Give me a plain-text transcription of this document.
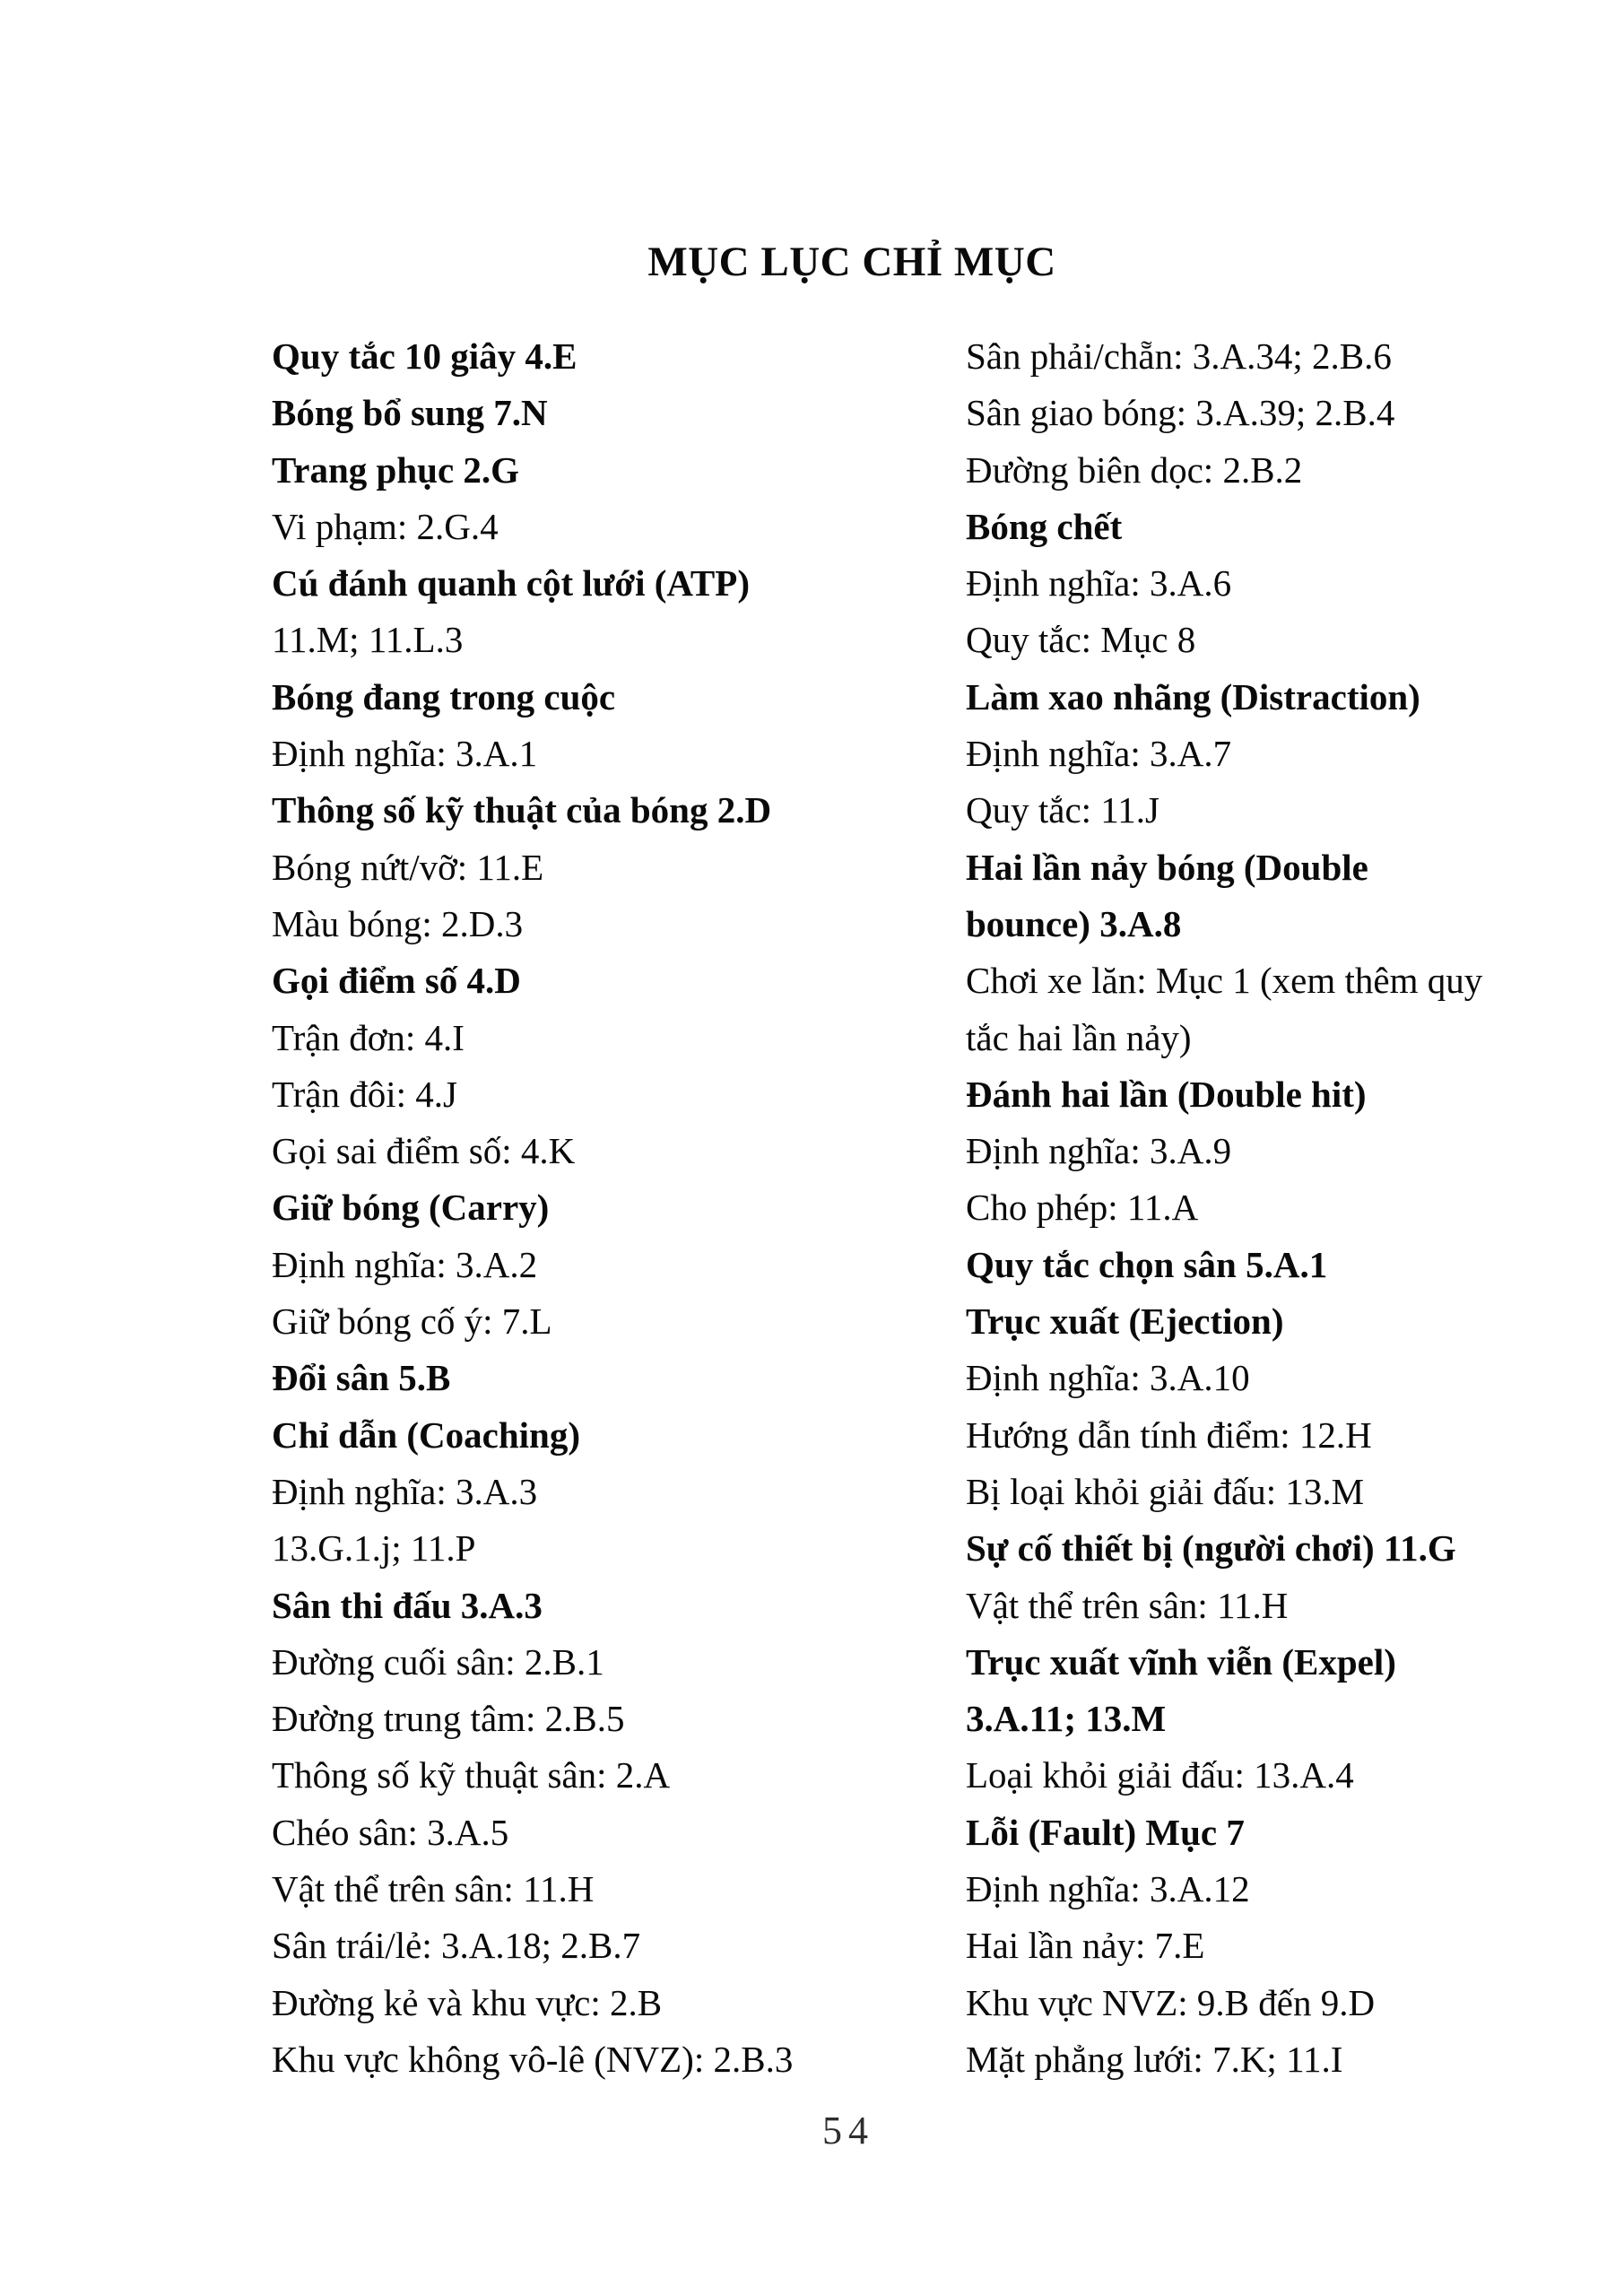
MỤC LỤC CHỈ MỤC
Quy tắc 10 giây 4.E
Bóng bổ sung 7.N
Trang phục 2.G
Vi phạm: 2.G.4
Cú đánh quanh cột lưới (ATP)
11.M; 11.L.3
Bóng đang trong cuộc
Định nghĩa: 3.A.1
Thông số kỹ thuật của bóng 2.D
Bóng nứt/vỡ: 11.E
Màu bóng: 2.D.3
Gọi điểm số 4.D
Trận đơn: 4.I
Trận đôi: 4.J
Gọi sai điểm số: 4.K
Giữ bóng (Carry)
Định nghĩa: 3.A.2
Giữ bóng cố ý: 7.L
Đổi sân 5.B
Chỉ dẫn (Coaching)
Định nghĩa: 3.A.3
13.G.1.j; 11.P
Sân thi đấu 3.A.3
Đường cuối sân: 2.B.1
Đường trung tâm: 2.B.5
Thông số kỹ thuật sân: 2.A
Chéo sân: 3.A.5
Vật thể trên sân: 11.H
Sân trái/lẻ: 3.A.18; 2.B.7
Đường kẻ và khu vực: 2.B
Khu vực không vô-lê (NVZ): 2.B.3
Sân phải/chẵn: 3.A.34; 2.B.6
Sân giao bóng: 3.A.39; 2.B.4
Đường biên dọc: 2.B.2
Bóng chết
Định nghĩa: 3.A.6
Quy tắc: Mục 8
Làm xao nhãng (Distraction)
Định nghĩa: 3.A.7
Quy tắc: 11.J
Hai lần nảy bóng (Double
bounce) 3.A.8
Chơi xe lăn: Mục 1 (xem thêm quy
tắc hai lần nảy)
Đánh hai lần (Double hit)
Định nghĩa: 3.A.9
Cho phép: 11.A
Quy tắc chọn sân 5.A.1
Trục xuất (Ejection)
Định nghĩa: 3.A.10
Hướng dẫn tính điểm: 12.H
Bị loại khỏi giải đấu: 13.M
Sự cố thiết bị (người chơi) 11.G
Vật thể trên sân: 11.H
Trục xuất vĩnh viễn (Expel)
3.A.11; 13.M
Loại khỏi giải đấu: 13.A.4
Lỗi (Fault) Mục 7
Định nghĩa: 3.A.12
Hai lần nảy: 7.E
Khu vực NVZ: 9.B đến 9.D
Mặt phẳng lưới: 7.K; 11.I
54
